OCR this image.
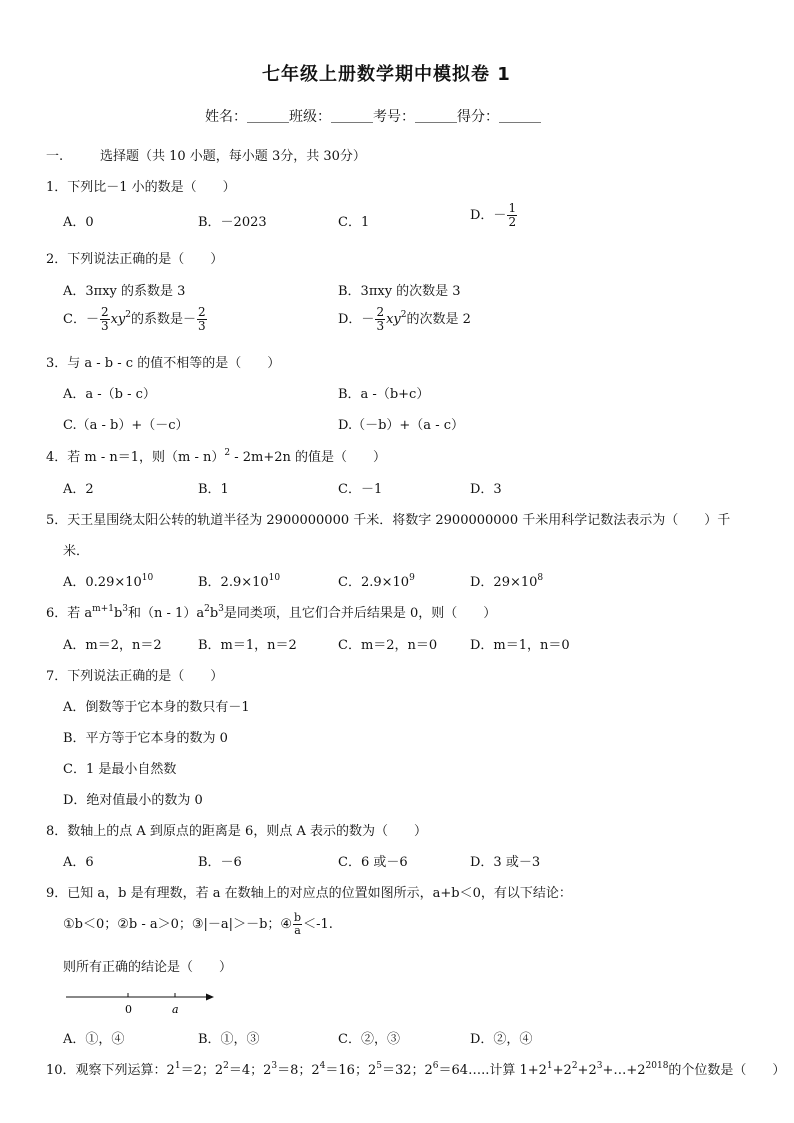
七年级上册数学期中模拟卷 1
姓名：＿＿＿班级：＿＿＿考号：＿＿＿得分：＿＿＿
一.	选择题（共 10 小题，每小题 3分，共 30分）
1．下列比－1 小的数是（　　）
A．0	B．－2023	C．1	D．－ $\frac{1}{2}$
2．下列说法正确的是（　　）
A．3πxy 的系数是 3	B．3πxy 的次数是 3
C．－ $\frac{2}{3} xy^2$的系数是－ $\frac{2}{3}$	D．－ $\frac{2}{3} xy^2$的次数是 2
3．与 a - b - c 的值不相等的是（　　）
A．a -（b - c）	B．a -（b+c）
C.（a - b）+（－c）	D.（－b）+（a - c）
4．若 m - n＝1，则（m - n）$^2$ - 2m+2n 的值是（　　）
A．2	B．1	C．－1	D．3
5．天王星围绕太阳公转的轨道半径为 2900000000 千米．将数字 2900000000 千米用科学记数法表示为（　　）千
米．
A．$0.29\times 10^{10}$	B．$2.9\times 10^{10}$	C．$2.9\times 10^9$	D．$29\times 10^8$
6．若 $a^{m+1}b^3$和$(n - 1)a^2b^3$是同类项，且它们合并后结果是 0，则（　　）
A．m＝2，n＝2	B．m＝1，n＝2	C．m＝2，n＝0	D．m＝1，n＝0
7．下列说法正确的是（　　）
A．倒数等于它本身的数只有－1
B．平方等于它本身的数为 0
C．1 是最小自然数
D．绝对值最小的数为 0
8．数轴上的点 A 到原点的距离是 6，则点 A 表示的数为（　　）
A．6	B．－6	C．6 或－6	D．3 或－3
9．已知 a，b 是有理数，若 a 在数轴上的对应点的位置如图所示，a+b＜0，有以下结论：
①b＜0；②b - a＞0；③|－a|＞－b；④ $\frac{b}{a} <-1$.
则所有正确的结论是（　　）
0	a
A．①，④	B．①，③	C．②，③	D．②，④
10．观察下列运算：$2^1=2$；$2^2=4$；$2^3=8$；$2^4=16$；$2^5=32$；$2^6=64\dots$..计算 $1+2^1+2^2+2^3+\dots+2^{2018}$的个位数是（　　）
